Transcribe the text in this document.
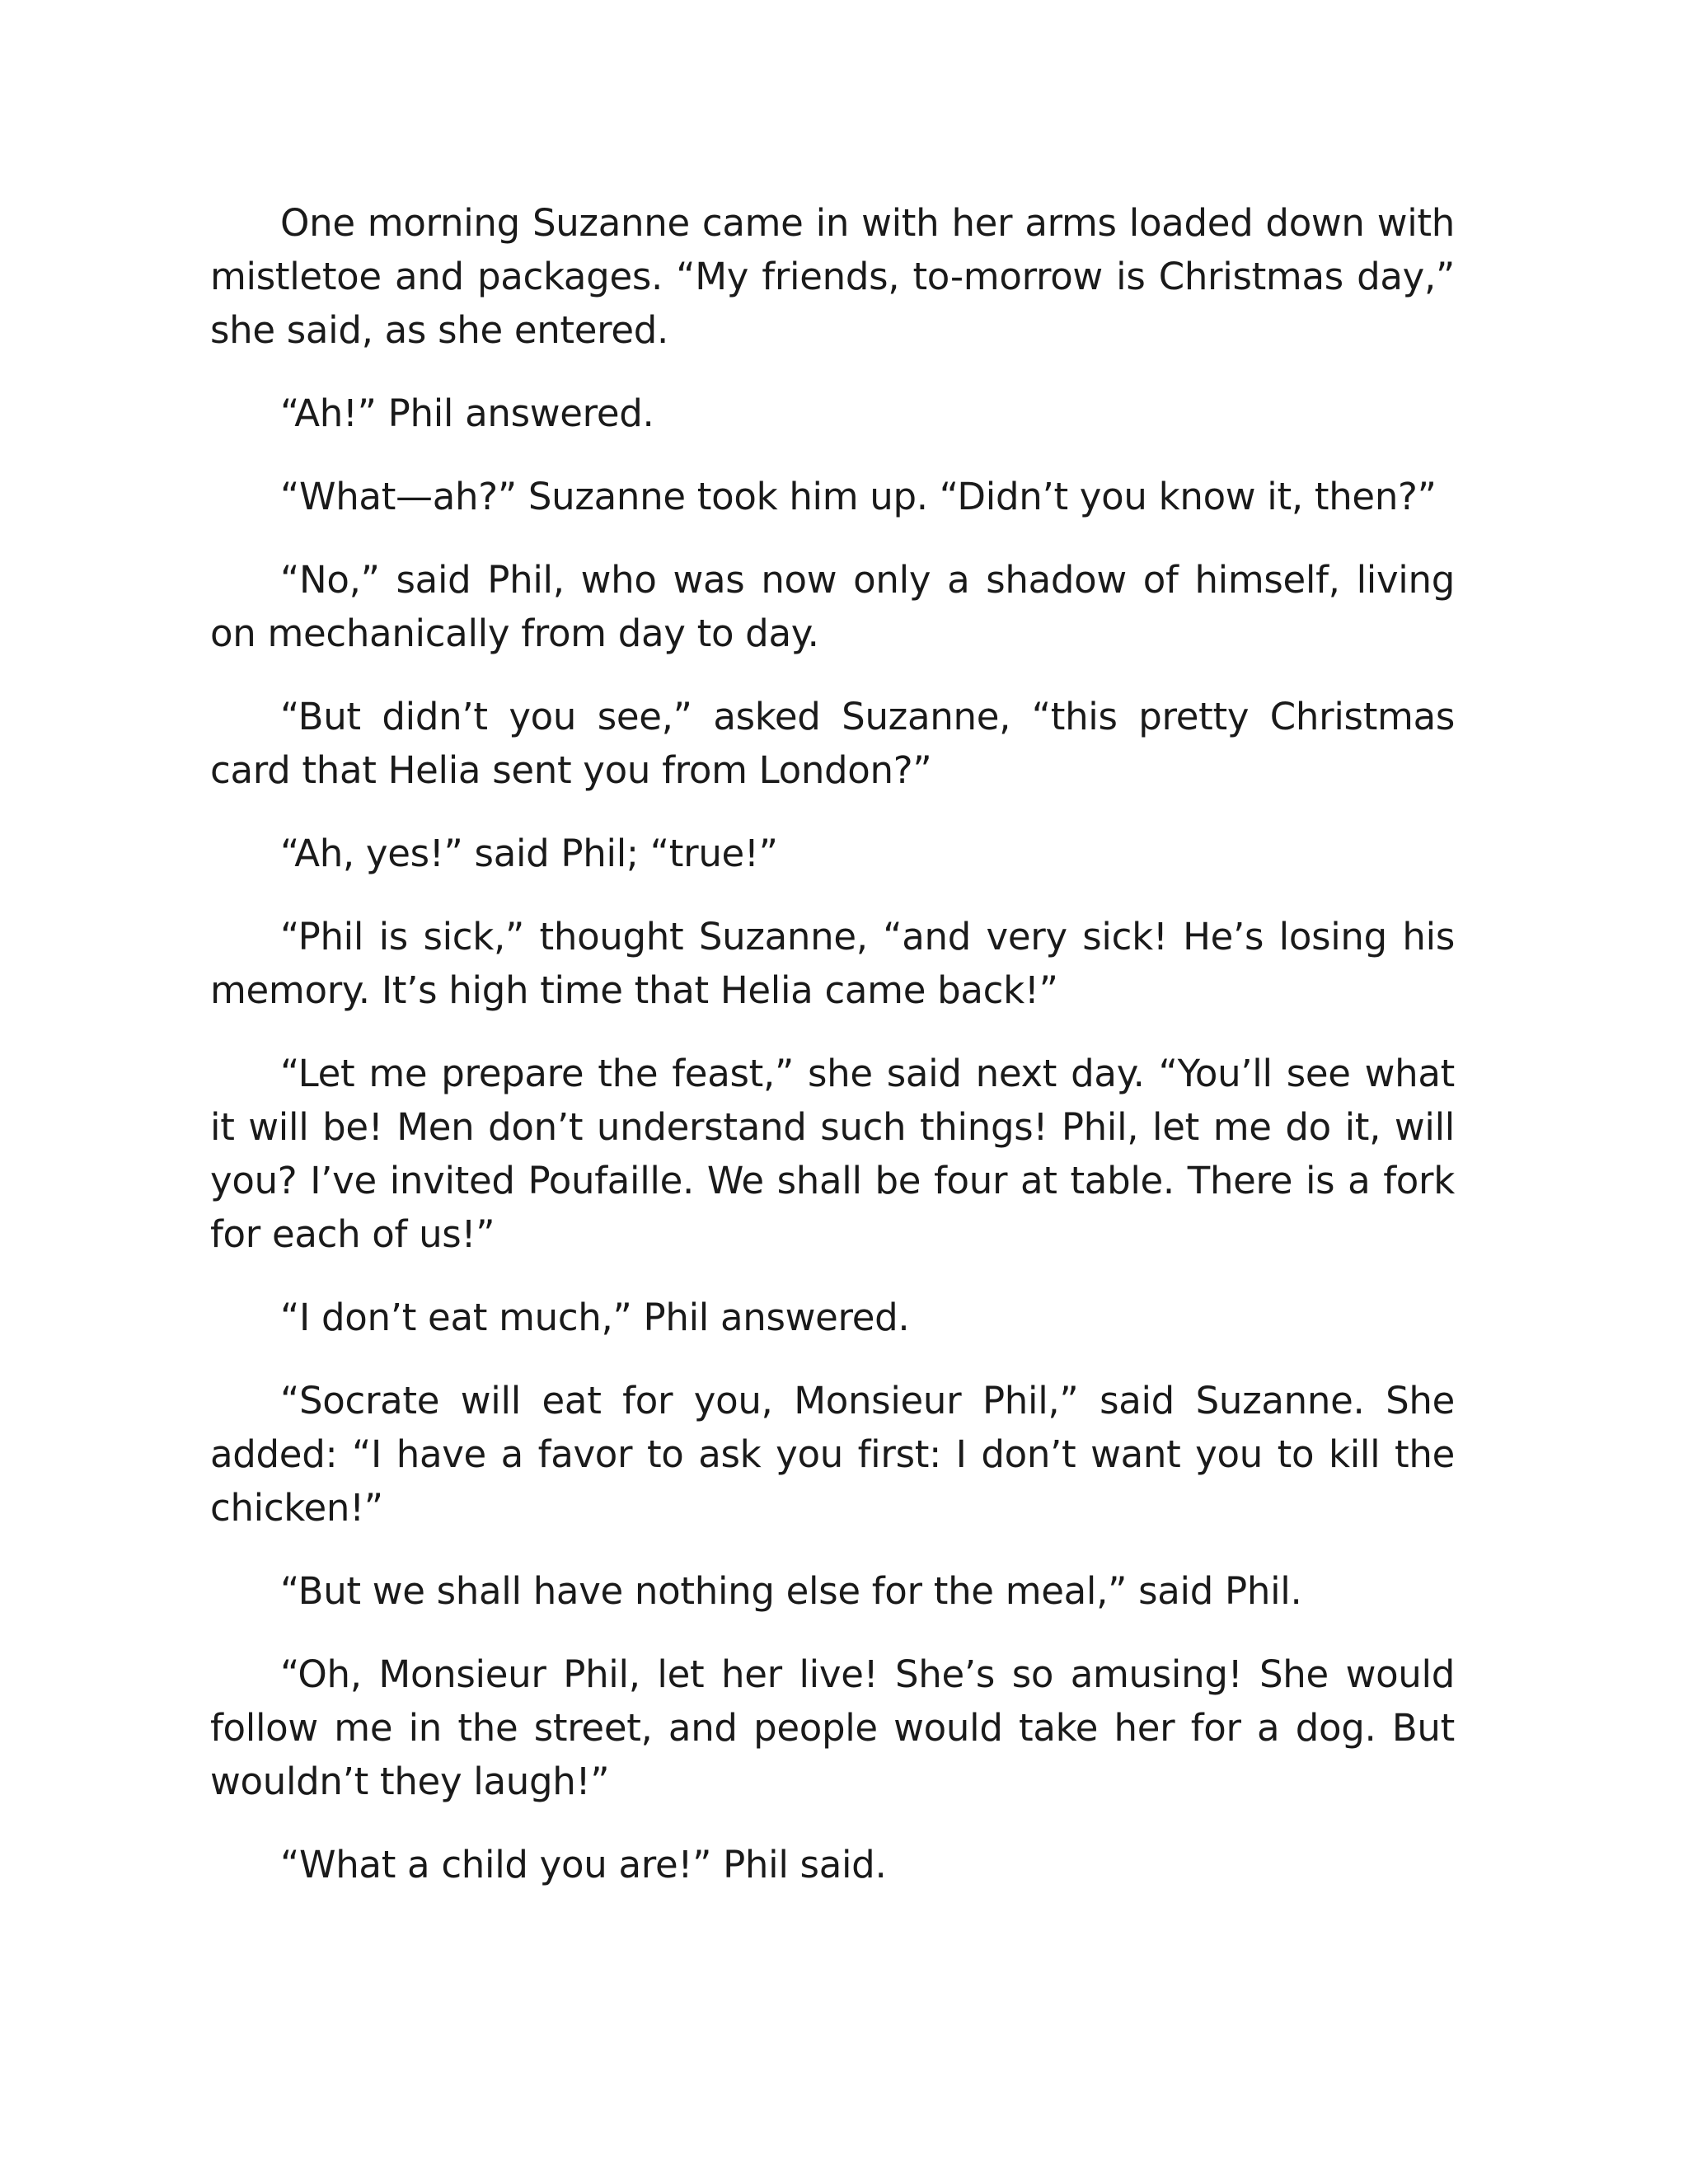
One morning Suzanne came in with her arms loaded down with mistletoe and packages. “My friends, to-morrow is Christmas day,” she said, as she entered.

“Ah!” Phil answered.

“What—ah?” Suzanne took him up. “Didn’t you know it, then?”

“No,” said Phil, who was now only a shadow of himself, living on mechanically from day to day.

“But didn’t you see,” asked Suzanne, “this pretty Christmas card that Helia sent you from London?”

“Ah, yes!” said Phil; “true!”

“Phil is sick,” thought Suzanne, “and very sick! He’s losing his memory. It’s high time that Helia came back!”

“Let me prepare the feast,” she said next day. “You’ll see what it will be! Men don’t understand such things! Phil, let me do it, will you? I’ve invited Poufaille. We shall be four at table. There is a fork for each of us!”

“I don’t eat much,” Phil answered.

“Socrate will eat for you, Monsieur Phil,” said Suzanne. She added: “I have a favor to ask you first: I don’t want you to kill the chicken!”

“But we shall have nothing else for the meal,” said Phil.

“Oh, Monsieur Phil, let her live! She’s so amusing! She would follow me in the street, and people would take her for a dog. But wouldn’t they laugh!”

“What a child you are!” Phil said.
